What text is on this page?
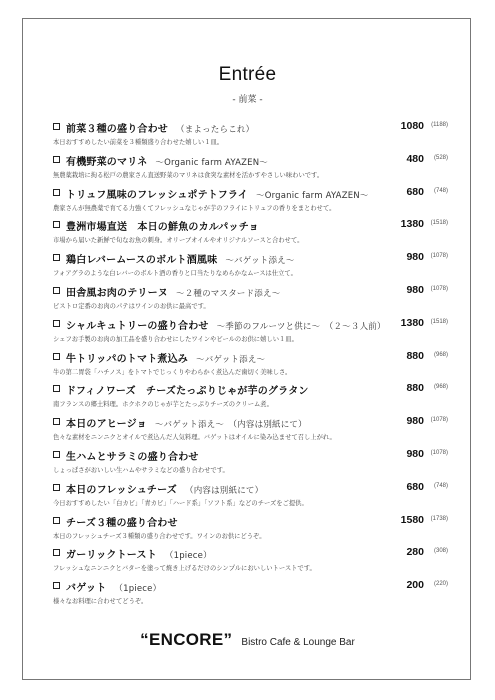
Entrée
- 前菜 -
前菜３種の盛り合わせ （まよったらこれ）	1080 (1188)
本日おすすめしたい前菜を３種類盛り合わせた嬉しい１皿。
有機野菜のマリネ ～Organic farm AYAZEN～	480 (528)
無農薬栽培に拘る松戸の農家さん直送野菜のマリネは食突な素材を活かすやさしい味わいです。
トリュフ風味のフレッシュポテトフライ ～Organic farm AYAZEN～	680 (748)
農家さんが無農薬で育てる力強くてフレッシュなじゃが芋のフライにトリュフの香りをまとわせて。
豊洲市場直送　本日の鮮魚のカルパッチョ	1380 (1518)
市場から届いた新鮮で旬なお魚の刺身。オリーブオイルやオリジナルソースと合わせて。
鶏白レバームースのボルト酒風味 ～バゲット添え～	980 (1078)
フォアグラのような白レバーのボルト酒の香りと口当たりなめらかなムースは仕立て。
田舎風お肉のテリーヌ ～２種のマスタード添え～	980 (1078)
ビストロ定番のお肉のパテはワインのお供に最高です。
シャルキュトリーの盛り合わせ ～季節のフルーツと供に～　（２～３人前） 1380 (1518)
シェフお手製のお肉の加工品を盛り合わせにしたワインやビールのお供に嬉しい１皿。
牛トリッパのトマト煮込み ～バゲット添え～	880 (968)
牛の第二胃袋「ハチノス」をトマトでじっくりやわらかく煮込んだ歯切く美味しさ。
ドフィノワーズ　チーズたっぷりじゃが芋のグラタン	880 (968)
南フランスの郷土料理。ホクホクのじゃが芋とたっぷりチーズのクリーム煮。
本日のアヒージョ ～バゲット添え～　（内容は別紙にて）	980 (1078)
色々な素材をニンニクとオイルで煮込んだ人気料理。バゲットはオイルに染み込ませて召し上がれ。
生ハムとサラミの盛り合わせ	980 (1078)
しょっぱさがおいしい生ハムやサラミなどの盛り合わせです。
本日のフレッシュチーズ （内容は別紙にて）	680 (748)
今日おすすめしたい「白カビ」「青カビ」「ハード系」「ソフト系」などのチーズをご提供。
チーズ３種の盛り合わせ	1580 (1738)
本日のフレッシュチーズ３種類の盛り合わせです。ワインのお供にどうぞ。
ガーリックトースト （1piece）	280 (308)
フレッシュなニンニクとバターを塗って焼き上げるだけのシンプルにおいしいトーストです。
バゲット （1piece）	200 (220)
様々なお料理に合わせてどうぞ。
“ENCORE” Bistro Cafe & Lounge Bar
